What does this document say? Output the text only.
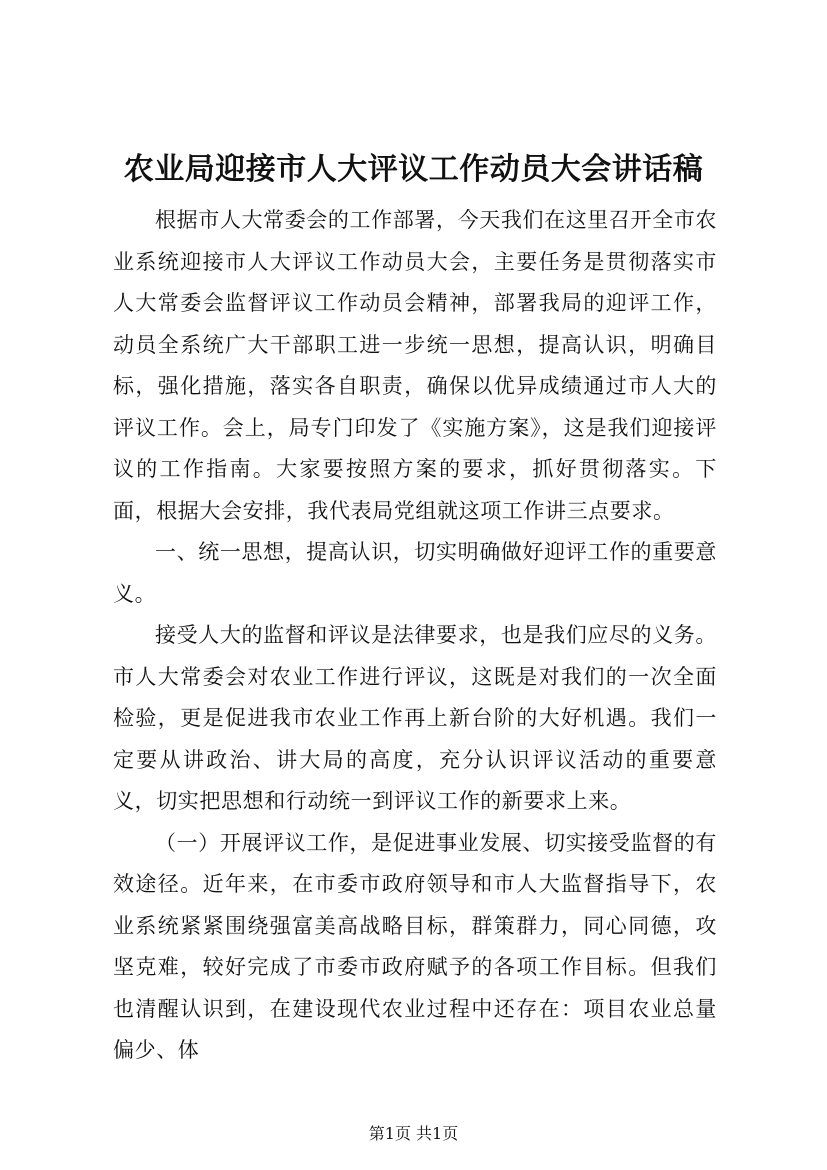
农业局迎接市人大评议工作动员大会讲话稿

根据市人大常委会的工作部署，今天我们在这里召开全市农业系统迎接市人大评议工作动员大会，主要任务是贯彻落实市人大常委会监督评议工作动员会精神，部署我局的迎评工作，动员全系统广大干部职工进一步统一思想，提高认识，明确目标，强化措施，落实各自职责，确保以优异成绩通过市人大的评议工作。会上，局专门印发了《实施方案》，这是我们迎接评议的工作指南。大家要按照方案的要求，抓好贯彻落实。下面，根据大会安排，我代表局党组就这项工作讲三点要求。

一、统一思想，提高认识，切实明确做好迎评工作的重要意义。

接受人大的监督和评议是法律要求，也是我们应尽的义务。市人大常委会对农业工作进行评议，这既是对我们的一次全面检验，更是促进我市农业工作再上新台阶的大好机遇。我们一定要从讲政治、讲大局的高度，充分认识评议活动的重要意义，切实把思想和行动统一到评议工作的新要求上来。

（一）开展评议工作，是促进事业发展、切实接受监督的有效途径。近年来，在市委市政府领导和市人大监督指导下，农业系统紧紧围绕强富美高战略目标，群策群力，同心同德，攻坚克难，较好完成了市委市政府赋予的各项工作目标。但我们也清醒认识到，在建设现代农业过程中还存在：项目农业总量偏少、体

第1页 共1页
